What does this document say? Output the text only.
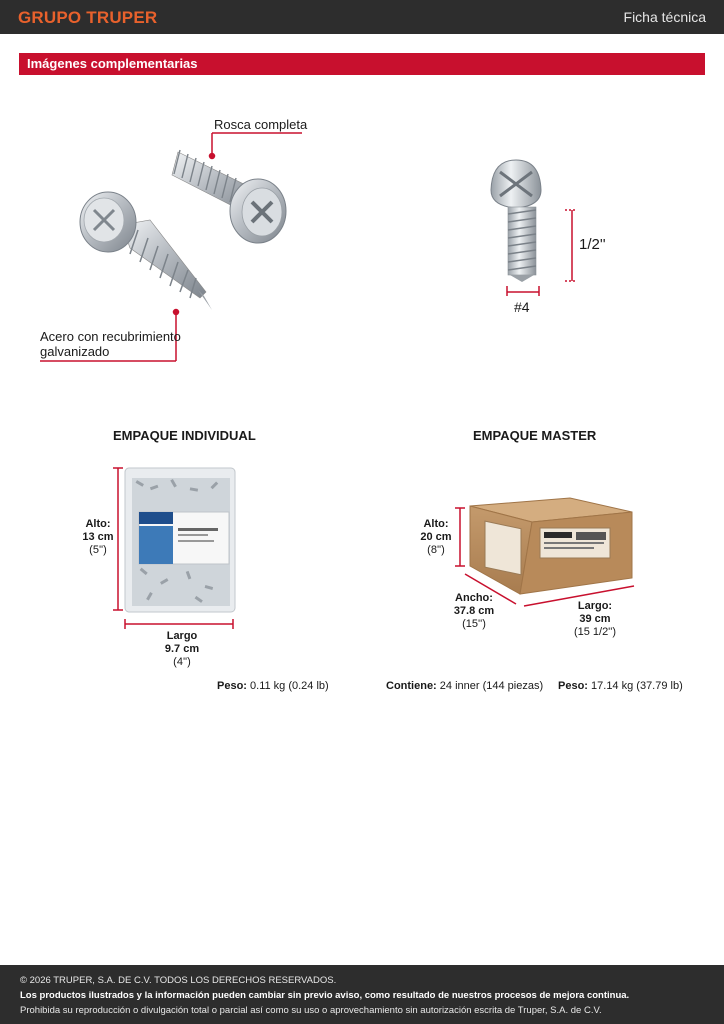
GRUPO TRUPER	Ficha técnica
Imágenes complementarias
Rosca completa
Acero con recubrimiento
galvanizado
1/2''
#4
EMPAQUE INDIVIDUAL
Alto:
13 cm
(5'')
Largo
9.7 cm
(4'')
Peso: 0.11 kg (0.24 lb)
EMPAQUE MASTER
Alto:
20 cm
(8'')
Ancho:
37.8 cm
(15'')
Largo:
39 cm
(15 1/2'')
Contiene: 24 inner (144 piezas) Peso: 17.14 kg (37.79 lb)
© 2026 TRUPER, S.A. DE C.V. TODOS LOS DERECHOS RESERVADOS.
Los productos ilustrados y la información pueden cambiar sin previo aviso, como resultado de nuestros procesos de mejora continua.
Prohibida su reproducción o divulgación total o parcial así como su uso o aprovechamiento sin autorización escrita de Truper, S.A. de C.V.
